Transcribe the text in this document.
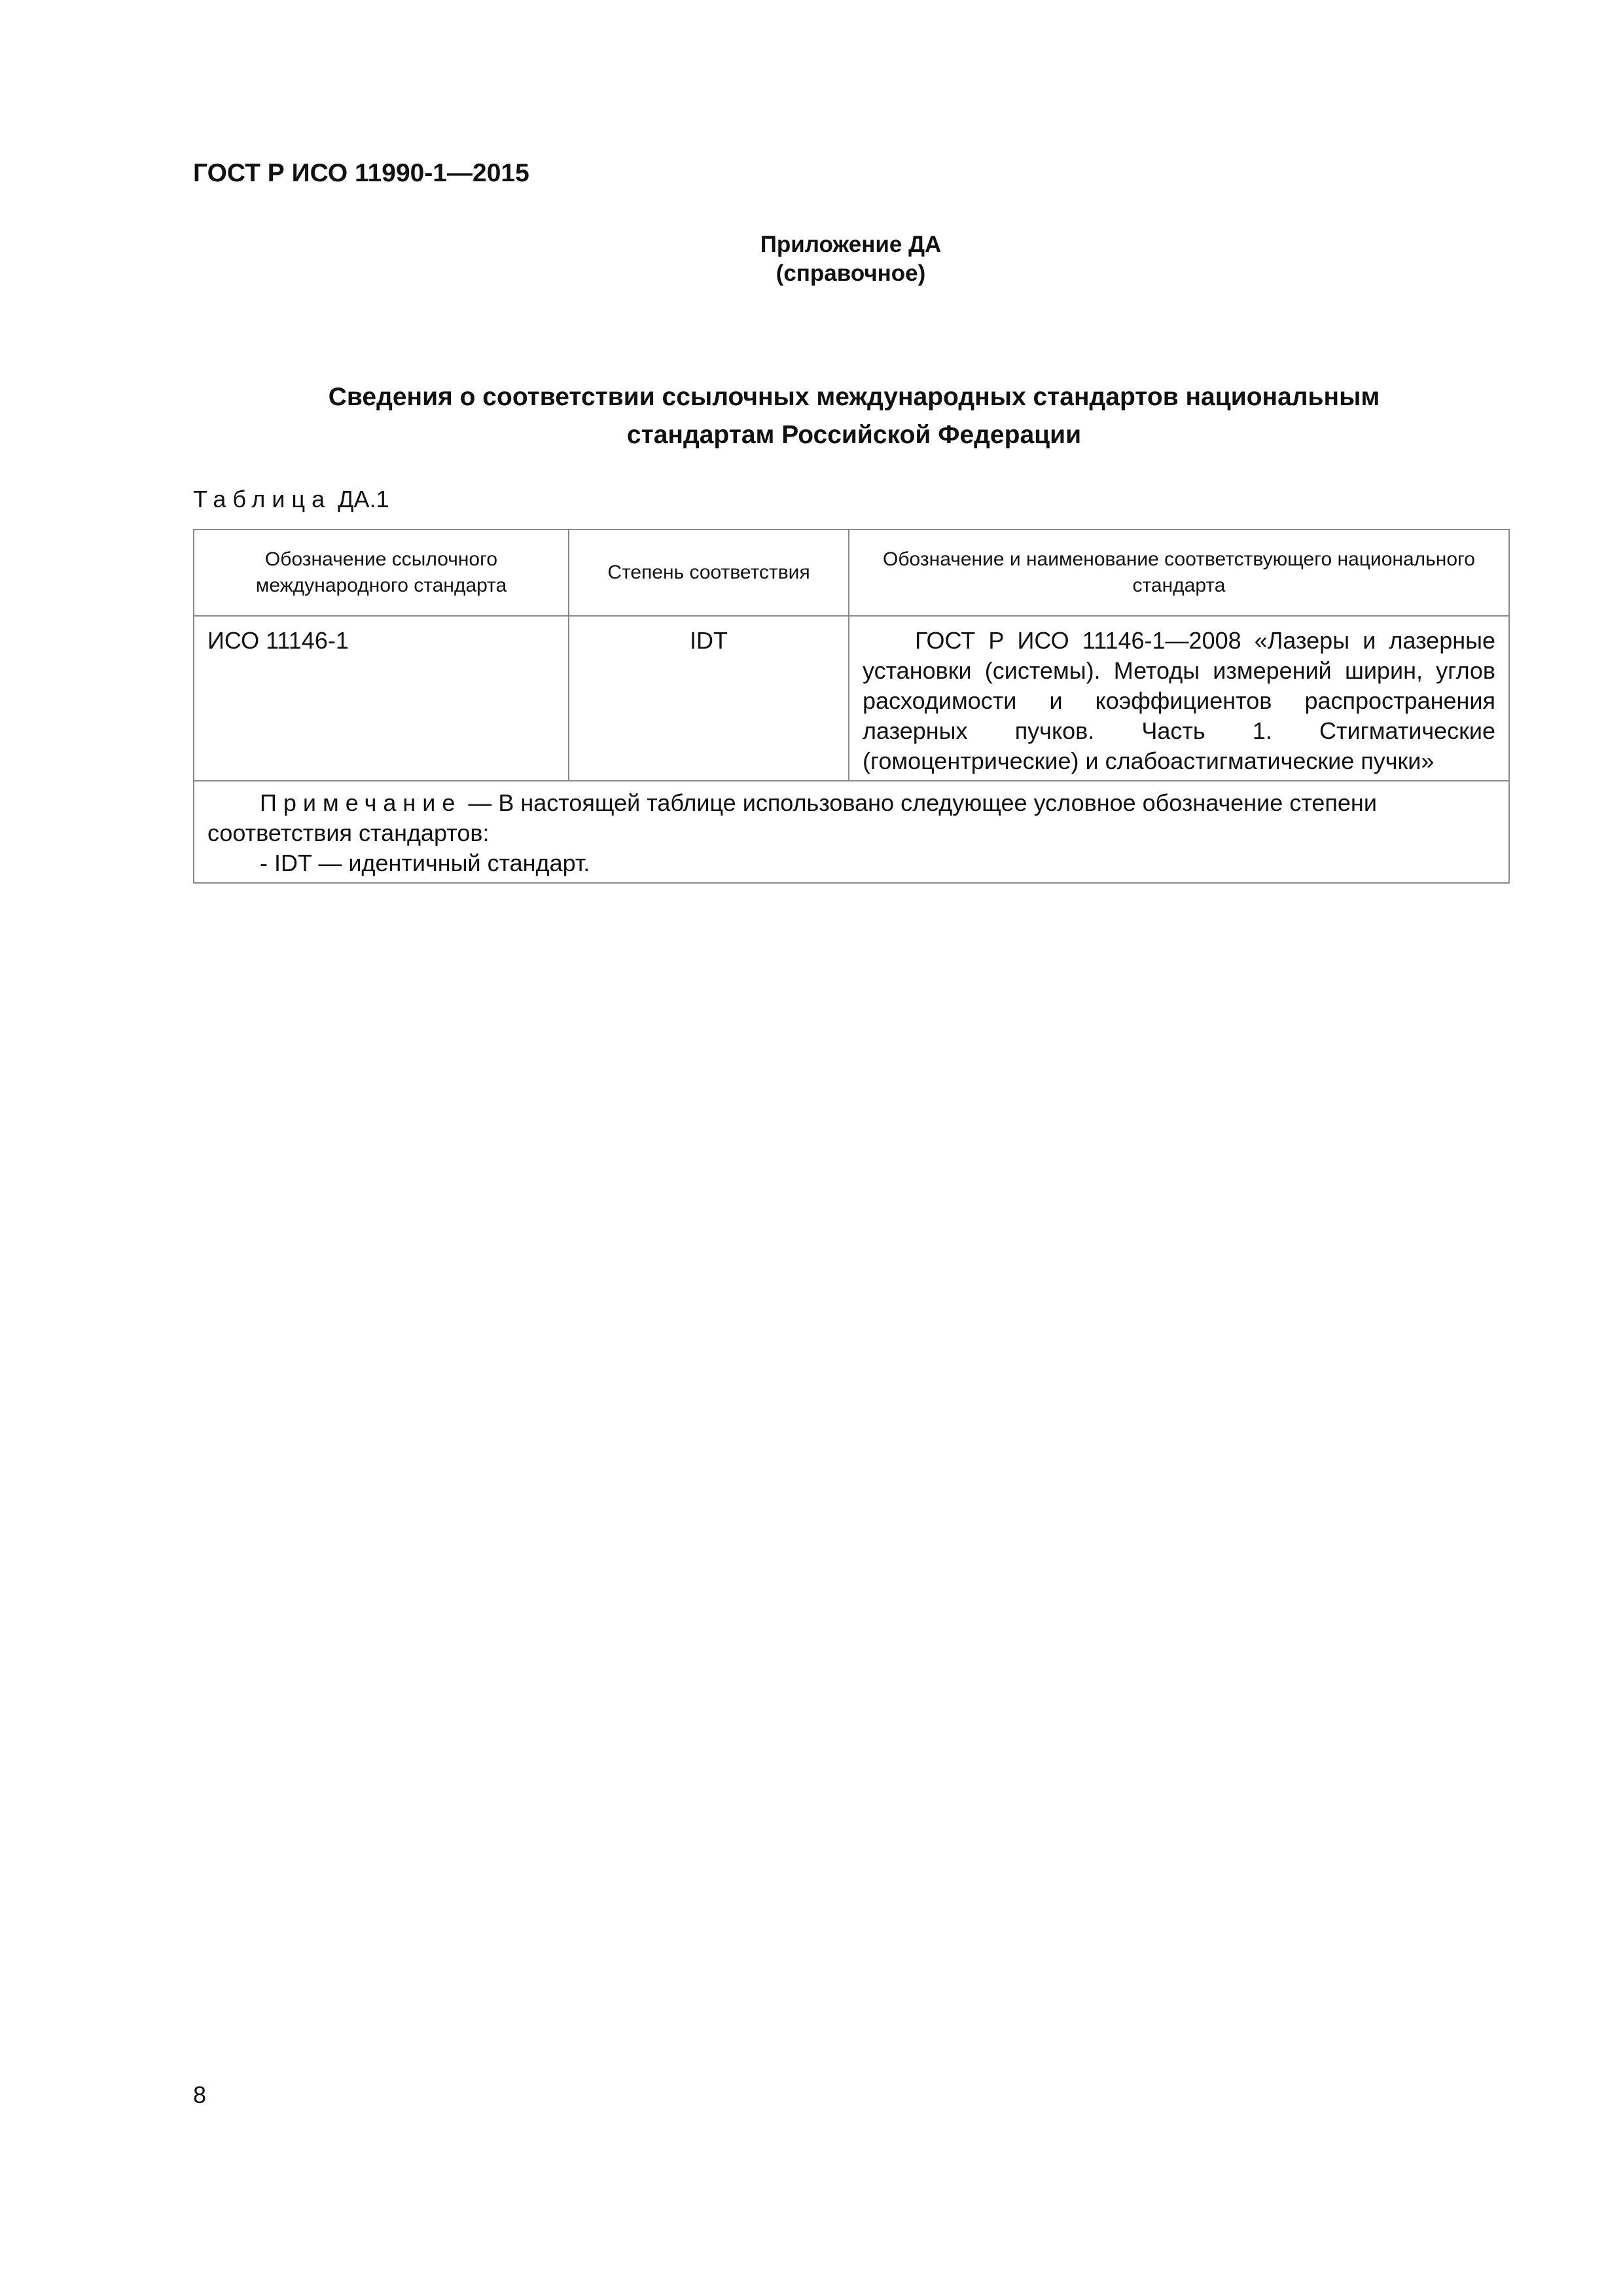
ГОСТ Р ИСО 11990-1—2015
Приложение ДА
(справочное)
Сведения о соответствии ссылочных международных стандартов национальным
стандартам Российской Федерации
Таблица ДА.1
Обозначение ссылочного международного стандарта	Степень соответствия	Обозначение и наименование соответствующего национального стандарта
ИСО 11146-1	IDT	ГОСТ Р ИСО 11146-1—2008 «Лазеры и лазерные установки (системы). Методы измерений ширин, углов расходимости и коэффициентов распространения лазерных пучков. Часть 1. Стигматические (гомоцентрические) и слабоастигматические пучки»

Примечание — В настоящей таблице использовано следующее условное обозначение степени соответствия стандартов:
- IDT — идентичный стандарт.		
8
